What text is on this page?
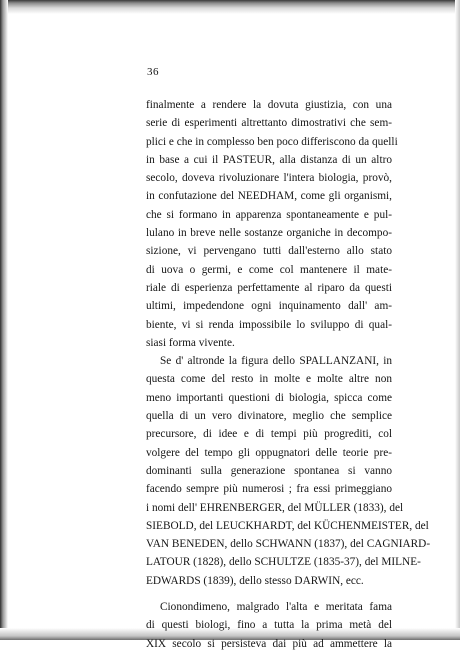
36
finalmente a rendere la dovuta giustizia, con una
serie di esperimenti altrettanto dimostrativi che sem-
plici e che in complesso ben poco differiscono da quelli
in base a cui il PASTEUR, alla distanza di un altro
secolo, doveva rivoluzionare l'intera biologia, provò,
in confutazione del NEEDHAM, come gli organismi,
che si formano in apparenza spontaneamente e pul-
lulano in breve nelle sostanze organiche in decompo-
sizione, vi pervengano tutti dall'esterno allo stato
di uova o germi, e come col mantenere il mate-
riale di esperienza perfettamente al riparo da questi
ultimi, impedendone ogni inquinamento dall' am-
biente, vi si renda impossibile lo sviluppo di qual-
siasi forma vivente.
Se d' altronde la figura dello SPALLANZANI, in
questa come del resto in molte e molte altre non
meno importanti questioni di biologia, spicca come
quella di un vero divinatore, meglio che semplice
precursore, di idee e di tempi più progrediti, col
volgere del tempo gli oppugnatori delle teorie pre-
dominanti sulla generazione spontanea si vanno
facendo sempre più numerosi ; fra essi primeggiano
i nomi dell' EHRENBERGER, del MÜLLER (1833), del
SIEBOLD, del LEUCKHARDT, del KÜCHENMEISTER, del
VAN BENEDEN, dello SCHWANN (1837), del CAGNIARD-
LATOUR (1828), dello SCHULTZE (1835-37), del MILNE-
EDWARDS (1839), dello stesso DARWIN, ecc.
Cionondimeno, malgrado l'alta e meritata fama
di questi biologi, fino a tutta la prima metà del
XIX secolo si persisteva dai più ad ammettere la
